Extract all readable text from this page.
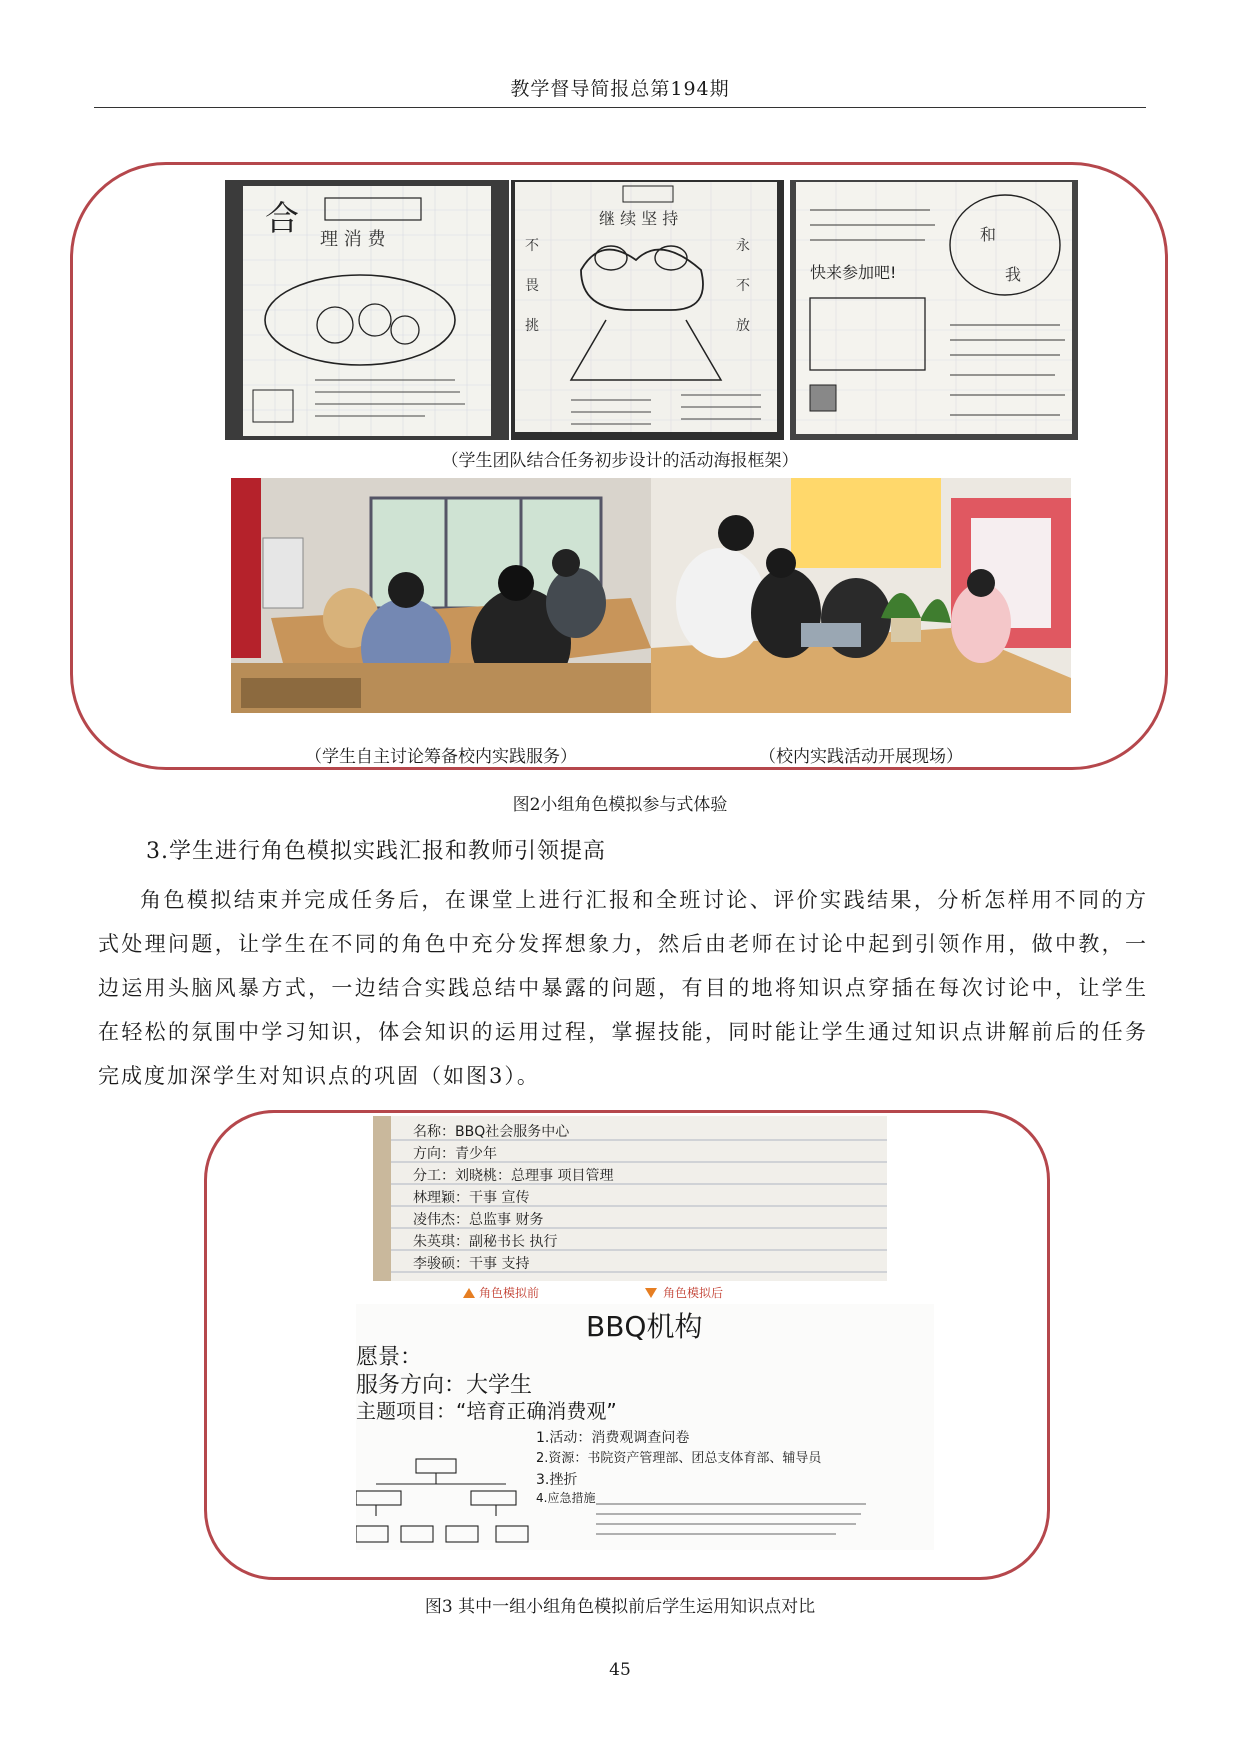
教学督导简报总第194期
合
理 消 费
继 续 坚 持
不
畏
挑
永
不
放
快来参加吧!
和
我
（学生团队结合任务初步设计的活动海报框架）
（学生自主讨论筹备校内实践服务）	（校内实践活动开展现场）
图2小组角色模拟参与式体验
3.学生进行角色模拟实践汇报和教师引领提高
角色模拟结束并完成任务后，在课堂上进行汇报和全班讨论、评价实践结果，分析怎样用不同的方式处理问题，让学生在不同的角色中充分发挥想象力，然后由老师在讨论中起到引领作用，做中教，一边运用头脑风暴方式，一边结合实践总结中暴露的问题，有目的地将知识点穿插在每次讨论中，让学生在轻松的氛围中学习知识，体会知识的运用过程，掌握技能，同时能让学生通过知识点讲解前后的任务完成度加深学生对知识点的巩固（如图3）。
名称：BBQ社会服务中心
方向：青少年
分工：刘晓桃：总理事 项目管理
林理颖：干事 宣传
凌伟杰：总监事 财务
朱英琪：副秘书长 执行
李骏硕：干事 支持
角色模拟前	角色模拟后
BBQ机构
愿景：
服务方向：大学生
主题项目：“培育正确消费观”
1.活动：消费观调查问卷
2.资源：书院资产管理部、团总支体育部、辅导员
3.挫折
4.应急措施
图3 其中一组小组角色模拟前后学生运用知识点对比
45
